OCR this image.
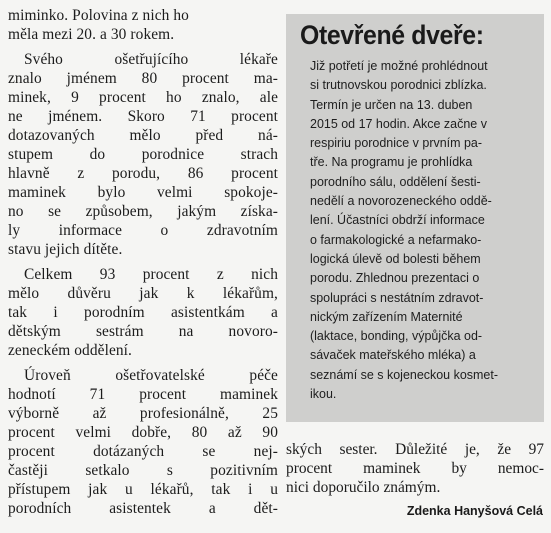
miminko. Polovina z nich ho
měla mezi 20. a 30 rokem.
Svého ošetřujícího lékaře
znalo jménem 80 procent ma-
minek, 9 procent ho znalo, ale
ne jménem. Skoro 71 procent
dotazovaných mělo před ná-
stupem do porodnice strach
hlavně z porodu, 86 procent
maminek bylo velmi spokoje-
no se způsobem, jakým získa-
ly informace o zdravotním
stavu jejich dítěte.
Celkem 93 procent z nich
mělo důvěru jak k lékařům,
tak i porodním asistentkám a
dětským sestrám na novoro-
zeneckém oddělení.
Úroveň ošetřovatelské péče
hodnotí 71 procent maminek
výborně až profesionálně, 25
procent velmi dobře, 80 až 90
procent dotázaných se nej-
častěji setkalo s pozitivním
přístupem jak u lékařů, tak i u
porodních asistentek a dět-
Otevřené dveře:
Již potřetí je možné prohlédnout
si trutnovskou porodnici zblízka.
Termín je určen na 13. duben
2015 od 17 hodin. Akce začne v
respiriu porodnice v prvním pa-
tře. Na programu je prohlídka
porodního sálu, oddělení šesti-
nedělí a novorozeneckého oddě-
lení. Účastníci obdrží informace
o farmakologické a nefarmako-
logická úlevě od bolesti během
porodu. Zhlednou prezentaci o
spolupráci s nestátním zdravot-
nickým zařízením Maternité
(laktace, bonding, výpůjčka od-
sávaček mateřského mléka) a
seznámí se s kojeneckou kosmet-
ikou.
ských sester. Důležité je, že 97
procent maminek by nemoc-
nici doporučilo známým.
Zdenka Hanyšová Celá
